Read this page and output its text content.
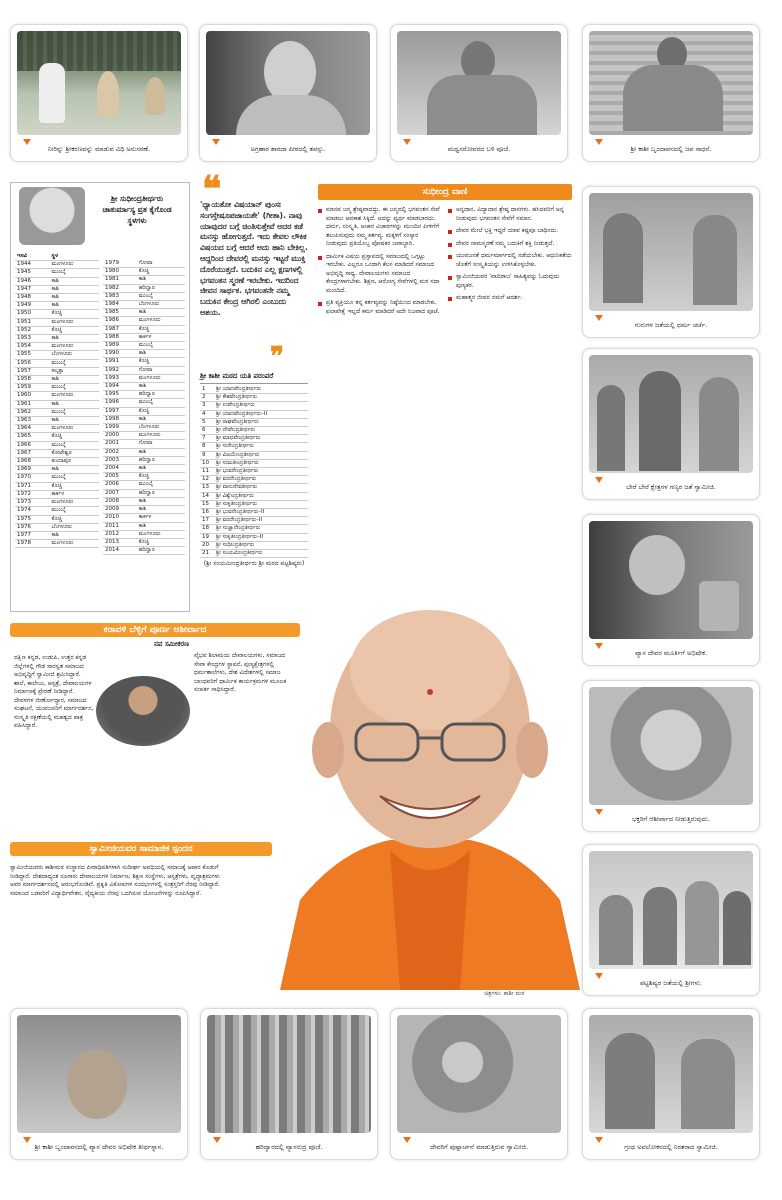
ನೀರಿನ್ನು ಶ್ರೀಕರಣವನ್ನು ಮಾಡುವ ವಿಧಿ ಅನುಸರಣೆ.	ಅಗ್ರಹಾರ ಶಾರದಾ ಪೀಠದಲ್ಲಿ ತಪಸ್ಸು.	ಮಧ್ವಸರೋವರದ ಬಳಿ ಪೂಜೆ.	ಶ್ರೀ ಕಾಶೀ ಬೃಂದಾವನದಲ್ಲಿ ಜಪ ಸಾಧನೆ.
ಶ್ರೀ ಸುಧೀಂದ್ರತೀರ್ಥರು
ಚಾತುರ್ಮಾಸ್ಯ ವ್ರತ ಕೈಗೊಂಡ
ಸ್ಥಳಗಳು
ಇಸವಿ	ಸ್ಥಳ
1944	ಮಂಗಳೂರು
1945	ಮುಂಬೈ
1946	ಕಾಶಿ
1947	ಕಾಶಿ
1948	ಕಾಶಿ
1949	ಕಾಶಿ
1950	ಕೊಚ್ಚಿ
1951	ಮಂಗಳೂರು
1952	ಕೊಚ್ಚಿ
1953	ಕಾಶಿ
1954	ಮಂಗಳೂರು
1955	ಬೆಂಗಳೂರು
1956	ಮುಂಬೈ
1957	ಕಲ್ಕತ್ತಾ
1958	ಕಾಶಿ
1959	ಮುಂಬೈ
1960	ಮಂಗಳೂರು
1961	ಕಾಶಿ
1962	ಮುಂಬೈ
1963	ಕಾಶಿ
1964	ಮಂಗಳೂರು
1965	ಕೊಚ್ಚಿ
1966	ಮುಂಬೈ
1967	ಕೋಟೇಶ್ವರ
1968	ಕುಂದಾಪುರ
1969	ಕಾಶಿ
1970	ಮುಂಬೈ
1971	ಕೊಚ್ಚಿ
1972	ಕಾರ್ಕಳ
1973	ಮಂಗಳೂರು
1974	ಮುಂಬೈ
1975	ಕೊಚ್ಚಿ
1976	ಬೆಂಗಳೂರು
1977	ಕಾಶಿ
1978	ಮಂಗಳೂರು
1979	ಗೋವಾ
1980	ಕೊಚ್ಚಿ
1981	ಕಾಶಿ
1982	ಹರಿದ್ವಾರ
1983	ಮುಂಬೈ
1984	ಬೆಂಗಳೂರು
1985	ಕಾಶಿ
1986	ಮಂಗಳೂರು
1987	ಕೊಚ್ಚಿ
1988	ಕಾರ್ಕಳ
1989	ಮುಂಬೈ
1990	ಕಾಶಿ
1991	ಕೊಚ್ಚಿ
1992	ಗೋವಾ
1993	ಮಂಗಳೂರು
1994	ಕಾಶಿ
1995	ಹರಿದ್ವಾರ
1996	ಮುಂಬೈ
1997	ಕೊಚ್ಚಿ
1998	ಕಾಶಿ
1999	ಬೆಂಗಳೂರು
2000	ಮಂಗಳೂರು
2001	ಗೋವಾ
2002	ಕಾಶಿ
2003	ಹರಿದ್ವಾರ
2004	ಕಾಶಿ
2005	ಕೊಚ್ಚಿ
2006	ಮುಂಬೈ
2007	ಹರಿದ್ವಾರ
2008	ಕಾಶಿ
2009	ಕಾಶಿ
2010	ಕಾರ್ಕಳ
2011	ಕಾಶಿ
2012	ಮಂಗಳೂರು
2013	ಕೊಚ್ಚಿ
2014	ಹರಿದ್ವಾರ
❝
'ಧ್ಯಾಯತೋ ವಿಷಯಾನ್ ಪುಂಸಃ ಸಂಗಸ್ತೇಷೂಪಜಾಯತೇ' (ಗೀತಾ). ನಾವು ಯಾವುದರ ಬಗ್ಗೆ ಚಿಂತಿಸುತ್ತೇವೆ ಅದರ ಕಡೆ ಮನಸ್ಸು ಹೋಗುತ್ತದೆ. ಇದು ಕೇವಲ ಲೌಕಿಕ ವಿಷಯದ ಬಗ್ಗೆ ಆದರೆ ಅದು ಹಾನಿ ಬೇಕಿಲ್ಲ. ಆದ್ದರಿಂದ ದೇವರಲ್ಲಿ ಮನಸ್ಸು ಇಟ್ಟರೆ ಮುಕ್ತಿ ದೊರೆಯುತ್ತದೆ. ಬದುಕಿನ ಎಲ್ಲ ಕ್ಷಣಗಳಲ್ಲಿ ಭಗವಂತನ ಸ್ಮರಣೆ ಇರಬೇಕು. ಇದರಿಂದ ಜೀವನ ಸಾರ್ಥಕ. ಭಗವಂತನೇ ನಮ್ಮ ಬದುಕಿನ ಕೇಂದ್ರ ಆಗಿರಲಿ ಎಂಬುದು ಆಶಯ.
❞
ಶ್ರೀ ಕಾಶೀ ಮಠದ ಯತಿ ಪರಂಪರೆ
1	ಶ್ರೀ ಯಾದವೇಂದ್ರತೀರ್ಥರು
2	ಶ್ರೀ ಕೇಶವೇಂದ್ರತೀರ್ಥರು
3	ಶ್ರೀ ಉಪೇಂದ್ರತೀರ್ಥರು
4	ಶ್ರೀ ಯಾದವೇಂದ್ರತೀರ್ಥರು–II
5	ಶ್ರೀ ರಾಘವೇಂದ್ರತೀರ್ಥರು
6	ಶ್ರೀ ದೇವೇಂದ್ರತೀರ್ಥರು
7	ಶ್ರೀ ಮಾಧವೇಂದ್ರತೀರ್ಥರು
8	ಶ್ರೀ ಸುರೇಂದ್ರತೀರ್ಥರು
9	ಶ್ರೀ ವಿಜಯೇಂದ್ರತೀರ್ಥರು
10	ಶ್ರೀ ಸುಮತೀಂದ್ರತೀರ್ಥರು
11	ಶ್ರೀ ಭುವನೇಂದ್ರತೀರ್ಥರು
12	ಶ್ರೀ ವರದೇಂದ್ರತೀರ್ಥರು
13	ಶ್ರೀ ವಾಸುದೇವತೀರ್ಥರು
14	ಶ್ರೀ ವಿಶ್ವೇಂದ್ರತೀರ್ಥರು
15	ಶ್ರೀ ಸುಕೃತೀಂದ್ರತೀರ್ಥರು
16	ಶ್ರೀ ಭುವನೇಂದ್ರತೀರ್ಥರು–II
17	ಶ್ರೀ ವರದೇಂದ್ರತೀರ್ಥರು–II
18	ಶ್ರೀ ಸುಜ್ಞಾನೇಂದ್ರತೀರ್ಥರು
19	ಶ್ರೀ ಸುಕೃತೀಂದ್ರತೀರ್ಥರು–II
20	ಶ್ರೀ ಸುಧೀಂದ್ರತೀರ್ಥರು
21	ಶ್ರೀ ಸಂಯಮೀಂದ್ರತೀರ್ಥರು
(ಶ್ರೀ ಸಂಯಮೀಂದ್ರತೀರ್ಥರು ಶ್ರೀ ಮಠದ ಪಟ್ಟಶಿಷ್ಯರು)
ಸುಧೀಂದ್ರ ವಾಣಿ

ಮಾನವ ಜನ್ಮ ಶ್ರೇಷ್ಠವಾದದ್ದು. ಈ ಜನ್ಮದಲ್ಲಿ ಭಗವಂತನ ಸೇವೆ ಮಾಡಲು ಅವಕಾಶ ಸಿಕ್ಕಿದೆ. ಅದನ್ನು ವ್ಯರ್ಥ ಮಾಡಬಾರದು. ಧರ್ಮ, ಸಂಸ್ಕೃತಿ, ಆಚಾರ ವಿಚಾರಗಳನ್ನು ಮುಂದಿನ ಪೀಳಿಗೆಗೆ ತಲುಪಿಸುವುದು ನಮ್ಮ ಕರ್ತವ್ಯ. ಮಕ್ಕಳಿಗೆ ಸಂಸ್ಕಾರ ನೀಡುವುದು ಪ್ರತಿಯೊಬ್ಬ ಪೋಷಕರ ಜವಾಬ್ದಾರಿ.

ಧಾರ್ಮಿಕ ವಿಷಯ ಪ್ರಸ್ತಾಪದಲ್ಲಿ ಸಮಾಜದಲ್ಲಿ ಒಗ್ಗಟ್ಟು ಇರಬೇಕು. ಎಲ್ಲರೂ ಒಂದಾಗಿ ಕೆಲಸ ಮಾಡಿದರೆ ಸಮಾಜದ ಅಭಿವೃದ್ಧಿ ಸಾಧ್ಯ. ದೇವಾಲಯಗಳು ಸಮಾಜದ ಕೇಂದ್ರಗಳಾಗಬೇಕು. ಶಿಕ್ಷಣ, ಆರೋಗ್ಯ ಸೇವೆಗಳಲ್ಲಿ ಮಠ ಸದಾ ಮುಂದಿದೆ.

ಪ್ರತಿ ವ್ಯಕ್ತಿಯೂ ತನ್ನ ಕರ್ತವ್ಯವನ್ನು ನಿಷ್ಠೆಯಿಂದ ಮಾಡಬೇಕು. ಫಲಾಪೇಕ್ಷೆ ಇಲ್ಲದೆ ಕರ್ಮ ಮಾಡಿದರೆ ಅದೇ ನಿಜವಾದ ಪೂಜೆ.

ಅನ್ನದಾನ, ವಿದ್ಯಾದಾನ ಶ್ರೇಷ್ಠ ದಾನಗಳು. ಹಸಿದವರಿಗೆ ಅನ್ನ ನೀಡುವುದು ಭಗವಂತನ ಸೇವೆಗೆ ಸಮಾನ.

ದೇವರ ಮೇಲೆ ಭಕ್ತಿ ಇದ್ದರೆ ಯಾವ ಕಷ್ಟವೂ ಬಾಧಿಸದು.

ದೇವರ ನಾಮಸ್ಮರಣೆ ನಮ್ಮ ಬದುಕಿಗೆ ಶಕ್ತಿ ನೀಡುತ್ತದೆ.

ಯುವಜನತೆ ಧರ್ಮಮಾರ್ಗದಲ್ಲಿ ನಡೆಯಬೇಕು. ಆಧುನಿಕತೆಯ ಜೊತೆಗೆ ಸಂಸ್ಕೃತಿಯನ್ನು ಉಳಿಸಿಕೊಳ್ಳಬೇಕು.

ಸ್ವಾಮೀಜಿಯವರ 'ವಾದಿರಾಜ' ಸಾಹಿತ್ಯವನ್ನು ಓದುವುದು ಪುಣ್ಯಕರ.

ಮಹಾತ್ಮರ ಜೀವನ ನಮಗೆ ಆದರ್ಶ.

ಗುರುಗಳ ಜತೆಯಲ್ಲಿ ಧರ್ಮ ಚರ್ಚೆ.
ಬೇರೆ ಬೇರೆ ಕ್ಷೇತ್ರಗಳ ಗಣ್ಯರ ಜತೆ ಸ್ವಾಮೀಜಿ.
ವ್ಯಾಸ ದೇವರ ಮೂರ್ತಿಗೆ ಅಭಿಷೇಕ.
ಭಕ್ತರಿಗೆ ಆಶೀರ್ವಾದ ನೀಡುತ್ತಿರುವುದು.
ಪಟ್ಟಶಿಷ್ಯರ ಜತೆಯಲ್ಲಿ ಶ್ರೀಗಳು.
ಕರಾವಳಿ ಬೆಳ್ಳಿಗೆ ಪೂರ್ಣ ಆಶೀರ್ವಾದ
ದಕ್ಷಿಣ ಕನ್ನಡ, ಉಡುಪಿ, ಉತ್ತರ ಕನ್ನಡ ಜಿಲ್ಲೆಗಳಲ್ಲಿ ಗೌಡ ಸಾರಸ್ವತ ಸಮಾಜದ ಅಭಿವೃದ್ಧಿಗೆ ಸ್ವಾಮೀಜಿ ಶ್ರಮಿಸಿದ್ದಾರೆ. ಶಾಲೆ, ಕಾಲೇಜು, ಆಸ್ಪತ್ರೆ, ದೇವಾಲಯಗಳ ನಿರ್ಮಾಣಕ್ಕೆ ಪ್ರೇರಣೆ ನೀಡಿದ್ದಾರೆ. ದೇವಳಗಳ ಜೀರ್ಣೋದ್ಧಾರ, ಸಮಾಜದ ಸಂಘಟನೆ, ಯುವಜನರಿಗೆ ಮಾರ್ಗದರ್ಶನ, ಸಂಸ್ಕೃತಿ ರಕ್ಷಣೆಯಲ್ಲಿ ಮಹತ್ವದ ಪಾತ್ರ ವಹಿಸಿದ್ದಾರೆ.
ನವ ಸಮೀಕರಣ
ವೈಭವ ಶಿಲಾಮಯ ದೇವಾಲಯಗಳು, ಸಮಾಜದ ಸೇವಾ ಕೇಂದ್ರಗಳ ಸ್ಥಾಪನೆ, ಪುಣ್ಯಕ್ಷೇತ್ರಗಳಲ್ಲಿ ಧರ್ಮಶಾಲೆಗಳು, ದೇಶ ವಿದೇಶಗಳಲ್ಲಿ ಸಮಾಜ ಬಾಂಧವರಿಗೆ ಧಾರ್ಮಿಕ ಕಾರ್ಯಕ್ರಮಗಳ ಮೂಲಕ ಸಂಪರ್ಕ ಸಾಧಿಸಿದ್ದಾರೆ.
ಸ್ವಾಮೀಜಿಯವರ ಸಾಮಾಜಿಕ ಸ್ಪಂದನ
ಸ್ವಾಮೀಜಿಯವರು ಕಾಶೀಮಠ ಸಂಸ್ಥಾನದ ಪೀಠಾಧಿಪತಿಗಳಾಗಿ ಸುದೀರ್ಘ ಅವಧಿಯಲ್ಲಿ ಸಮಾಜಕ್ಕೆ ಅಪಾರ ಕೊಡುಗೆ ನೀಡಿದ್ದಾರೆ. ದೇಶದಾದ್ಯಂತ ನೂರಾರು ದೇವಾಲಯಗಳ ನಿರ್ಮಾಣ, ಶಿಕ್ಷಣ ಸಂಸ್ಥೆಗಳು, ಆಸ್ಪತ್ರೆಗಳು, ವೃದ್ಧಾಶ್ರಮಗಳು ಅವರ ಮಾರ್ಗದರ್ಶನದಲ್ಲಿ ಆರಂಭಗೊಂಡಿವೆ. ಪ್ರಕೃತಿ ವಿಕೋಪಗಳ ಸಂದರ್ಭಗಳಲ್ಲಿ ಸಂತ್ರಸ್ತರಿಗೆ ನೆರವು ನೀಡಿದ್ದಾರೆ. ಸಮಾಜದ ಬಡವರಿಗೆ ವಿದ್ಯಾರ್ಥಿವೇತನ, ವೈದ್ಯಕೀಯ ನೆರವು ಒದಗಿಸುವ ಯೋಜನೆಗಳನ್ನು ರೂಪಿಸಿದ್ದಾರೆ.
ಚಿತ್ರಗಳು: ಕಾಶೀ ಮಠ
ಶ್ರೀ ಕಾಶೀ ಬೃಂದಾವನದಲ್ಲಿ ವ್ಯಾಸ ದೇವರ ಅಭಿಷೇಕ ತೀರ್ಥಸ್ನಾನ.	ಹರಿದ್ವಾರದಲ್ಲಿ ವ್ಯಾಸರುದ್ರ ಪೂಜೆ.	ದೇವರಿಗೆ ಪುಷ್ಪಾರ್ಚನೆ ಮಾಡುತ್ತಿರುವ ಸ್ವಾಮೀಜಿ.	ಗ್ರಂಥ ಅವಲೋಕನದಲ್ಲಿ ನಿರತರಾದ ಸ್ವಾಮೀಜಿ.
